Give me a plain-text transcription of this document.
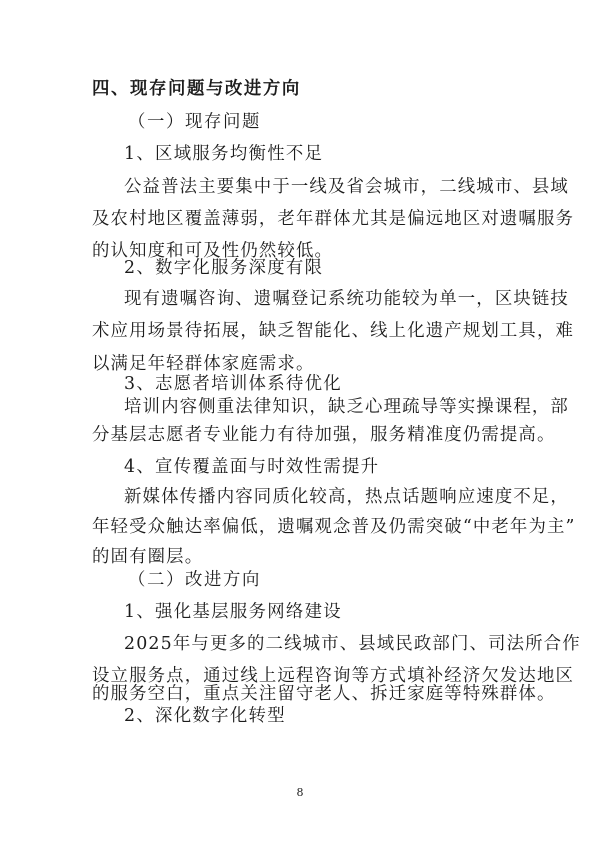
四、现存问题与改进方向
（一）现存问题
1、区域服务均衡性不足
公益普法主要集中于一线及省会城市，二线城市、县域
及农村地区覆盖薄弱，老年群体尤其是偏远地区对遗嘱服务
的认知度和可及性仍然较低。
2、数字化服务深度有限
现有遗嘱咨询、遗嘱登记系统功能较为单一，区块链技
术应用场景待拓展，缺乏智能化、线上化遗产规划工具，难
以满足年轻群体家庭需求。
3、志愿者培训体系待优化
培训内容侧重法律知识，缺乏心理疏导等实操课程，部
分基层志愿者专业能力有待加强，服务精准度仍需提高。
4、宣传覆盖面与时效性需提升
新媒体传播内容同质化较高，热点话题响应速度不足，
年轻受众触达率偏低，遗嘱观念普及仍需突破“中老年为主”
的固有圈层。
（二）改进方向
1、强化基层服务网络建设
2025年与更多的二线城市、县域民政部门、司法所合作
设立服务点，通过线上远程咨询等方式填补经济欠发达地区
的服务空白，重点关注留守老人、拆迁家庭等特殊群体。
2、深化数字化转型
8
